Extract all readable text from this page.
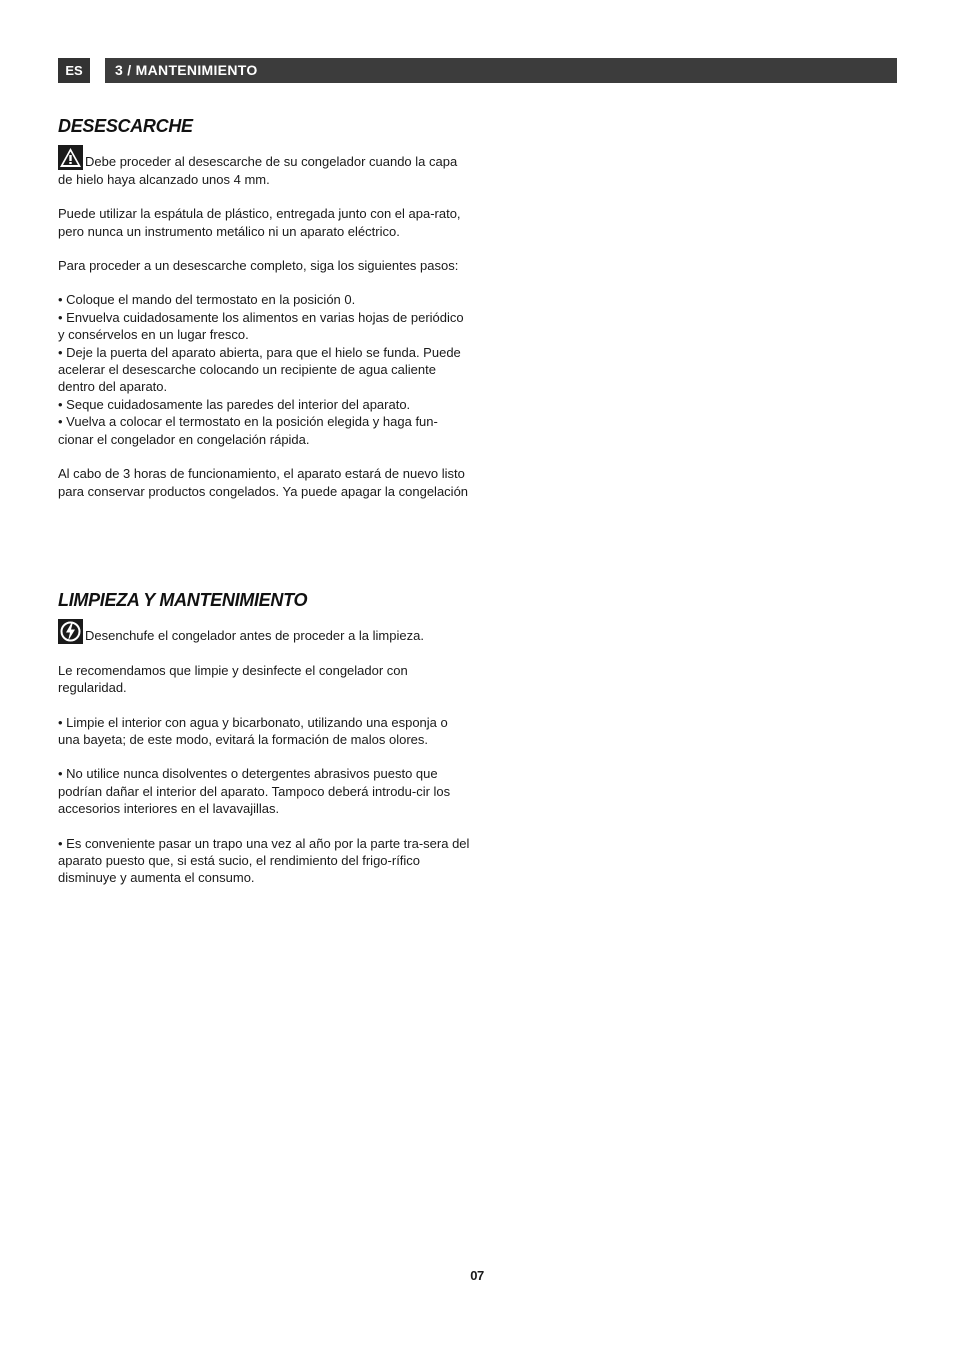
ES	3 / MANTENIMIENTO
DESESCARCHE

Debe proceder al desescarche de su congelador cuando la capa de hielo haya alcanzado unos 4 mm.

Puede utilizar la espátula de plástico, entregada junto con el apa-rato, pero nunca un instrumento metálico ni un aparato eléctrico.

Para proceder a un desescarche completo, siga los siguientes pasos:

• Coloque el mando del termostato en la posición 0.

• Envuelva cuidadosamente los alimentos en varias hojas de periódico y consérvelos en un lugar fresco.

• Deje la puerta del aparato abierta, para que el hielo se funda. Puede acelerar el desescarche colocando un recipiente de agua caliente dentro del aparato.

• Seque cuidadosamente las paredes del interior del aparato.

• Vuelva a colocar el termostato en la posición elegida y haga fun-cionar el congelador en congelación rápida.

Al cabo de 3 horas de funcionamiento, el aparato estará de nuevo listo para conservar productos congelados. Ya puede apagar la congelación

LIMPIEZA Y MANTENIMIENTO

Desenchufe el congelador antes de proceder a la limpieza.

Le recomendamos que limpie y desinfecte el congelador con regularidad.

• Limpie el interior con agua y bicarbonato, utilizando una esponja o una bayeta; de este modo, evitará la formación de malos olores.

• No utilice nunca disolventes o detergentes abrasivos puesto que podrían dañar el interior del aparato. Tampoco deberá introdu-cir los accesorios interiores en el lavavajillas.

• Es conveniente pasar un trapo una vez al año por la parte tra-sera del aparato puesto que, si está sucio, el rendimiento del frigo-rífico disminuye y aumenta el consumo.

07
